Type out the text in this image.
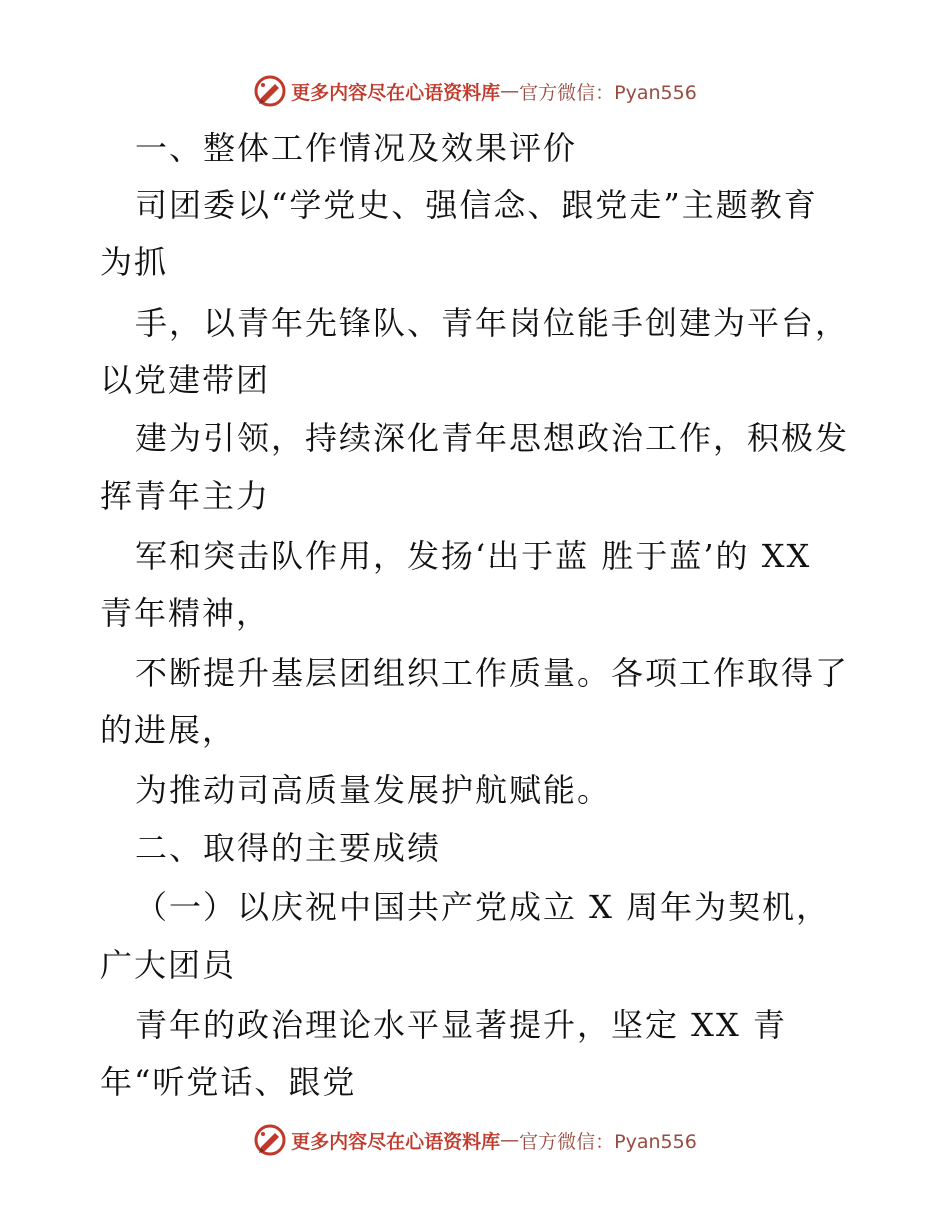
更多内容尽在心语资料库 — 官方微信：Pyan556
一、整体工作情况及效果评价
司团委以“学党史、强信念、跟党走”主题教育
为抓
手，以青年先锋队、青年岗位能手创建为平台，
以党建带团
建为引领，持续深化青年思想政治工作，积极发
挥青年主力
军和突击队作用，发扬‘出于蓝 胜于蓝’的 XX
青年精神，
不断提升基层团组织工作质量。各项工作取得了
的进展，
为推动司高质量发展护航赋能。
二、取得的主要成绩
（一）以庆祝中国共产党成立 X 周年为契机，
广大团员
青年的政治理论水平显著提升，坚定 XX 青
年“听党话、跟党
更多内容尽在心语资料库 — 官方微信：Pyan556
